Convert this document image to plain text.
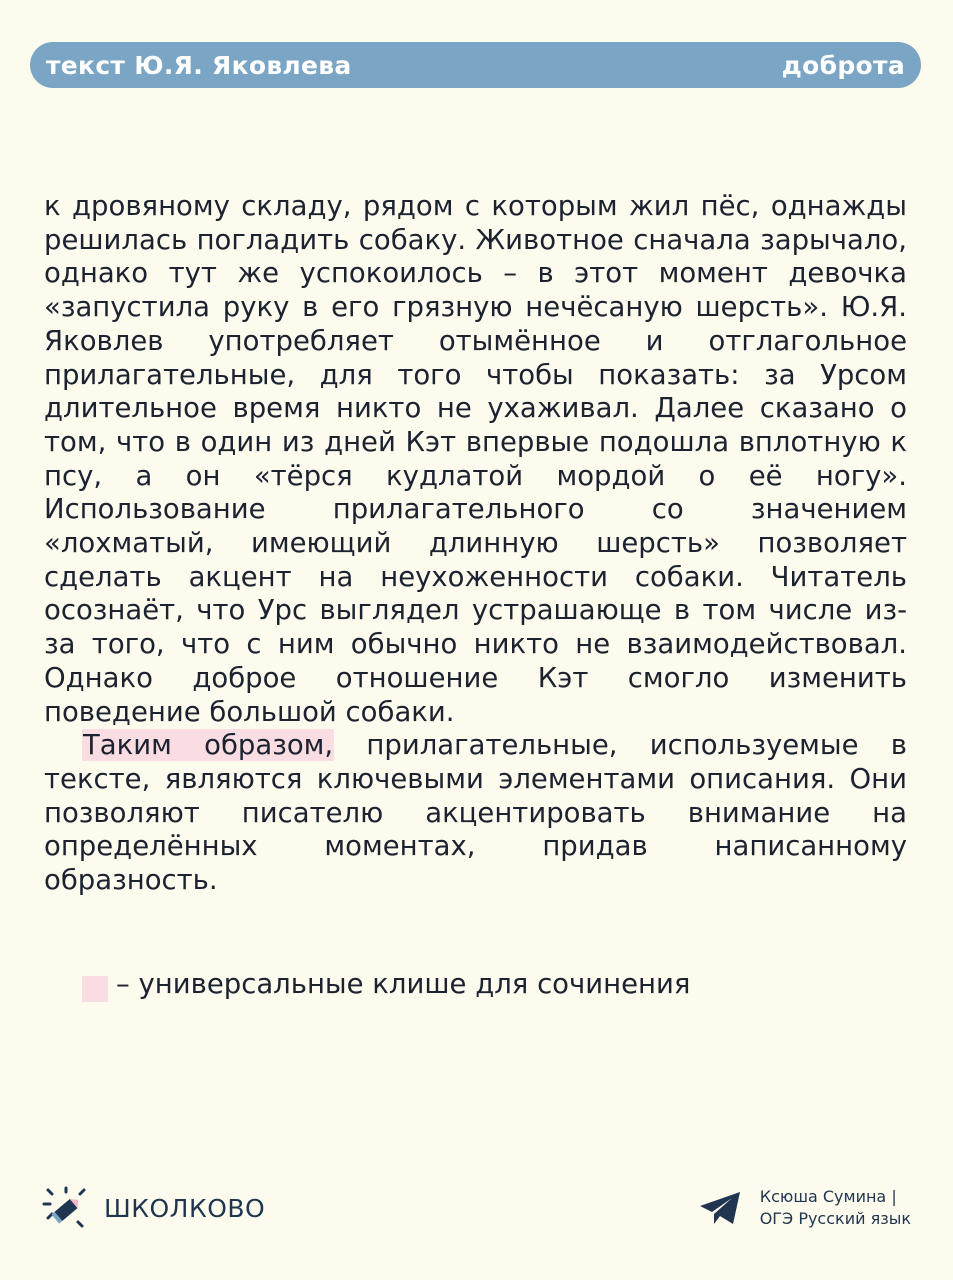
текст Ю.Я. Яковлева	доброта

к дровяному складу, рядом с которым жил пёс, однажды решилась погладить собаку. Животное сначала зарычало, однако тут же успокоилось – в этот момент девочка «запустила руку в его грязную нечёсаную шерсть». Ю.Я. Яковлев употребляет отымённое и отглагольное прилагательные, для того чтобы показать: за Урсом длительное время никто не ухаживал. Далее сказано о том, что в один из дней Кэт впервые подошла вплотную к псу, а он «тёрся кудлатой мордой о её ногу». Использование прилагательного со значением «лохматый, имеющий длинную шерсть» позволяет сделать акцент на неухоженности собаки. Читатель осознаёт, что Урс выглядел устрашающе в том числе из-за того, что с ним обычно никто не взаимодействовал. Однако доброе отношение Кэт смогло изменить поведение большой собаки.

Таким образом, прилагательные, используемые в тексте, являются ключевыми элементами описания. Они позволяют писателю акцентировать внимание на определённых моментах, придав написанному образность.

– универсальные клише для сочинения
ШКОЛКОВО	Ксюша Сумина |
ОГЭ Русский язык
